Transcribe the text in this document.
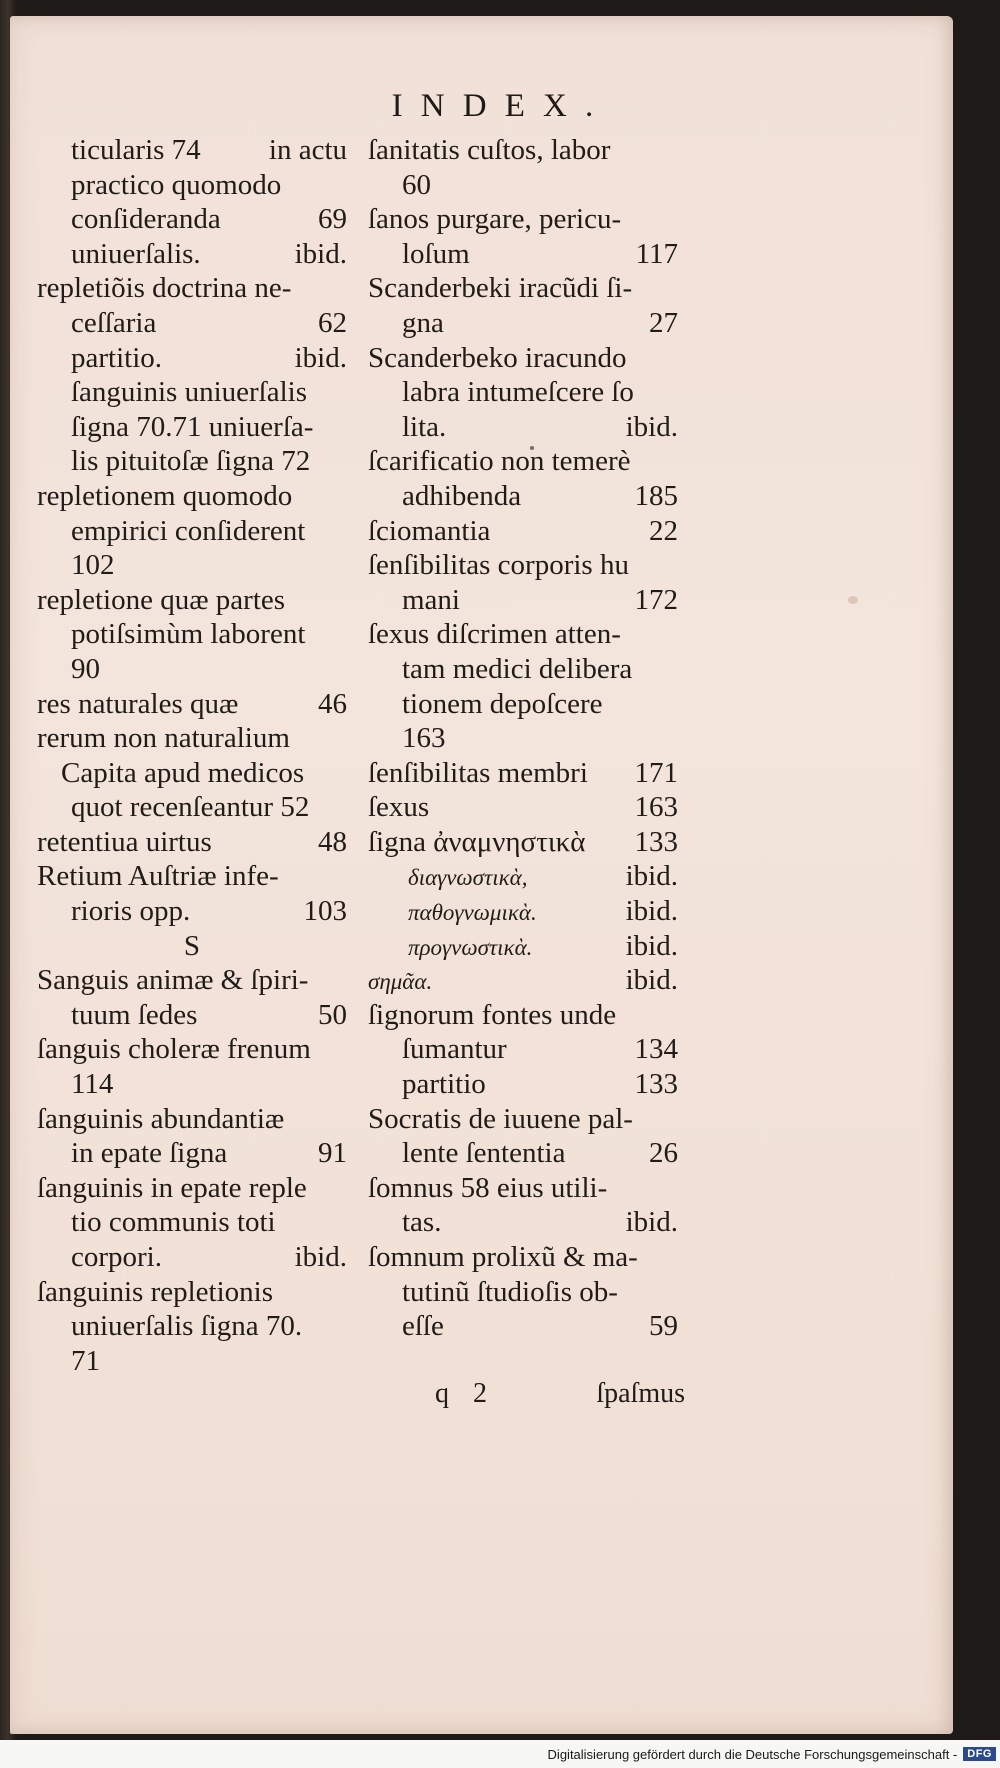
INDEX.
ticularis 74 in actu
practico quomodo
conſideranda	69
uniuerſalis.	ibid.
repletiõis doctrina ne-
ceſſaria	62
partitio.	ibid.
ſanguinis uniuerſalis
ſigna 70.71 uniuerſa-
lis pituitoſæ ſigna 72
repletionem quomodo
empirici conſiderent
102
repletione quæ partes
potiſsimùm laborent
90
res naturales quæ	46
rerum non naturalium
Capita apud medicos
quot recenſeantur 52
retentiua uirtus	48
Retium Auſtriæ infe-
rioris opp.	103
S
Sanguis animæ & ſpiri-
tuum ſedes	50
ſanguis choleræ frenum
114
ſanguinis abundantiæ
in epate ſigna	91
ſanguinis in epate reple
tio communis toti
corpori.	ibid.
ſanguinis repletionis
uniuerſalis ſigna 70.
71
ſanitatis cuſtos, labor
60
ſanos purgare, pericu-
loſum	117
Scanderbeki iracũdi ſi-
gna	27
Scanderbeko iracundo
labra intumeſcere ſo
lita.	ibid.
ſcarificatio non temerè
adhibenda	185
ſciomantia	22
ſenſibilitas corporis hu
mani	172
ſexus diſcrimen atten-
tam medici delibera
tionem depoſcere
163
ſenſibilitas membri 171
ſexus	163
ſigna ἀναμνηστικὰ 133
διαγνωστικὰ,	ibid.
παθογνωμικὰ.	ibid.
προγνωστικὰ.	ibid.
σημᾶα.	ibid.
ſignorum fontes unde
ſumantur	134
partitio	133
Socratis de iuuene pal-
lente ſententia	26
ſomnus 58 eius utili-
tas.	ibid.
ſomnum prolixũ & ma-
tutinũ ſtudioſis ob-
eſſe	59
q 2	ſpaſmus
Digitalisierung gefördert durch die Deutsche Forschungsgemeinschaft - DFG
